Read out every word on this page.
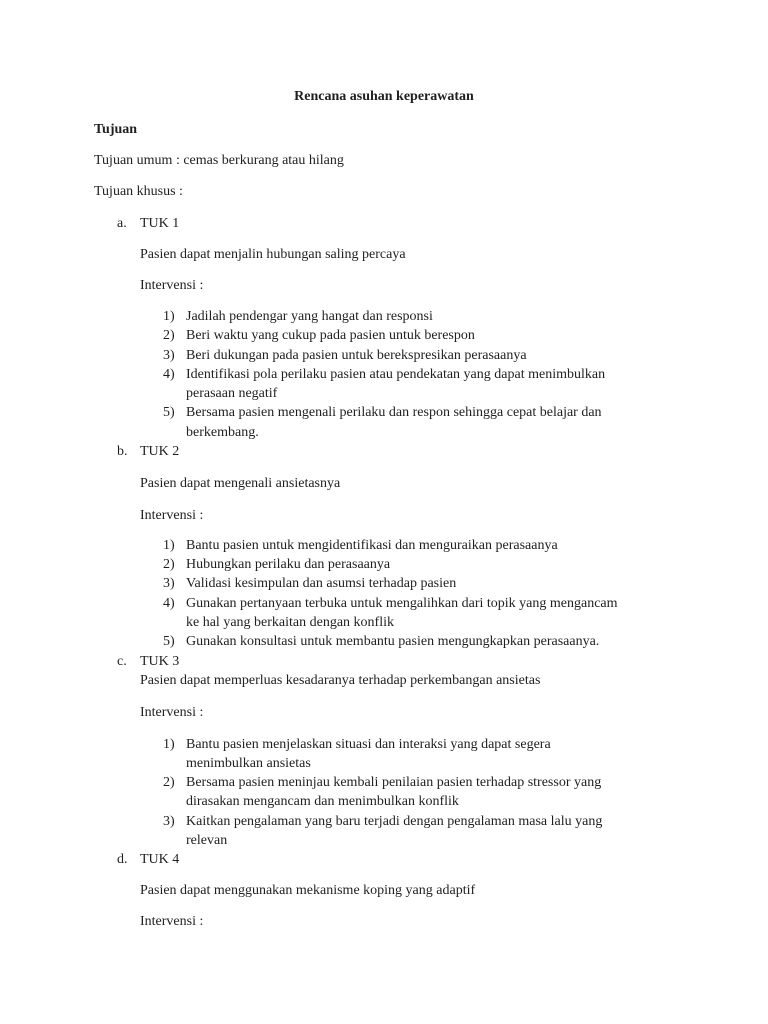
Rencana asuhan keperawatan
Tujuan
Tujuan umum : cemas berkurang atau hilang
Tujuan khusus :
a. TUK 1
Pasien dapat menjalin hubungan saling percaya
Intervensi :
1) Jadilah pendengar yang hangat dan responsi
2) Beri waktu yang cukup pada pasien untuk berespon
3) Beri dukungan pada pasien untuk berekspresikan perasaanya
4) Identifikasi pola perilaku pasien atau pendekatan yang dapat menimbulkan
perasaan negatif
5) Bersama pasien mengenali perilaku dan respon sehingga cepat belajar dan
berkembang.
b. TUK 2
Pasien dapat mengenali ansietasnya
Intervensi :
1) Bantu pasien untuk mengidentifikasi dan menguraikan perasaanya
2) Hubungkan perilaku dan perasaanya
3) Validasi kesimpulan dan asumsi terhadap pasien
4) Gunakan pertanyaan terbuka untuk mengalihkan dari topik yang mengancam
ke hal yang berkaitan dengan konflik
5) Gunakan konsultasi untuk membantu pasien mengungkapkan perasaanya.
c. TUK 3
Pasien dapat memperluas kesadaranya terhadap perkembangan ansietas
Intervensi :
1) Bantu pasien menjelaskan situasi dan interaksi yang dapat segera
menimbulkan ansietas
2) Bersama pasien meninjau kembali penilaian pasien terhadap stressor yang
dirasakan mengancam dan menimbulkan konflik
3) Kaitkan pengalaman yang baru terjadi dengan pengalaman masa lalu yang
relevan
d. TUK 4
Pasien dapat menggunakan mekanisme koping yang adaptif
Intervensi :
